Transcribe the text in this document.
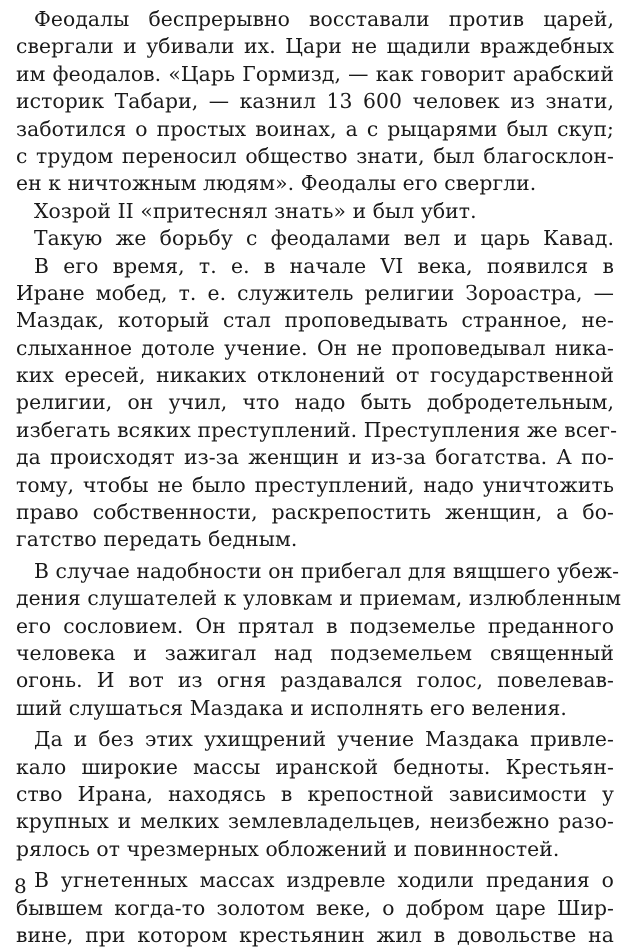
Феодалы беспрерывно восставали против царей,
свергали и убивали их. Цари не щадили враждебных
им феодалов. «Царь Гормизд, — как говорит арабский
историк Табари, — казнил 13 600 человек из знати,
заботился о простых воинах, а с рыцарями был скуп;
с трудом переносил общество знати, был благосклон-
ен к ничтожным людям». Феодалы его свергли.
Хозрой II «притеснял знать» и был убит.
Такую же борьбу с феодалами вел и царь Кавад.
В его время, т. е. в начале VI века, появился в
Иране мобед, т. е. служитель религии Зороастра, —
Маздак, который стал проповедывать странное, не-
слыханное дотоле учение. Он не проповедывал ника-
ких ересей, никаких отклонений от государственной
религии, он учил, что надо быть добродетельным,
избегать всяких преступлений. Преступления же всег-
да происходят из-за женщин и из-за богатства. А по-
тому, чтобы не было преступлений, надо уничтожить
право собственности, раскрепостить женщин, а бо-
гатство передать бедным.
В случае надобности он прибегал для вящшего убеж-
дения слушателей к уловкам и приемам, излюбленным
его сословием. Он прятал в подземелье преданного
человека и зажигал над подземельем священный
огонь. И вот из огня раздавался голос, повелевав-
ший слушаться Маздака и исполнять его веления.
Да и без этих ухищрений учение Маздака привле-
кало широкие массы иранской бедноты. Крестьян-
ство Ирана, находясь в крепостной зависимости у
крупных и мелких землевладельцев, неизбежно разо-
рялось от чрезмерных обложений и повинностей.
В угнетенных массах издревле ходили предания о
бывшем когда-то золотом веке, о добром царе Шир-
вине, при котором крестьянин жил в довольстве на
8
